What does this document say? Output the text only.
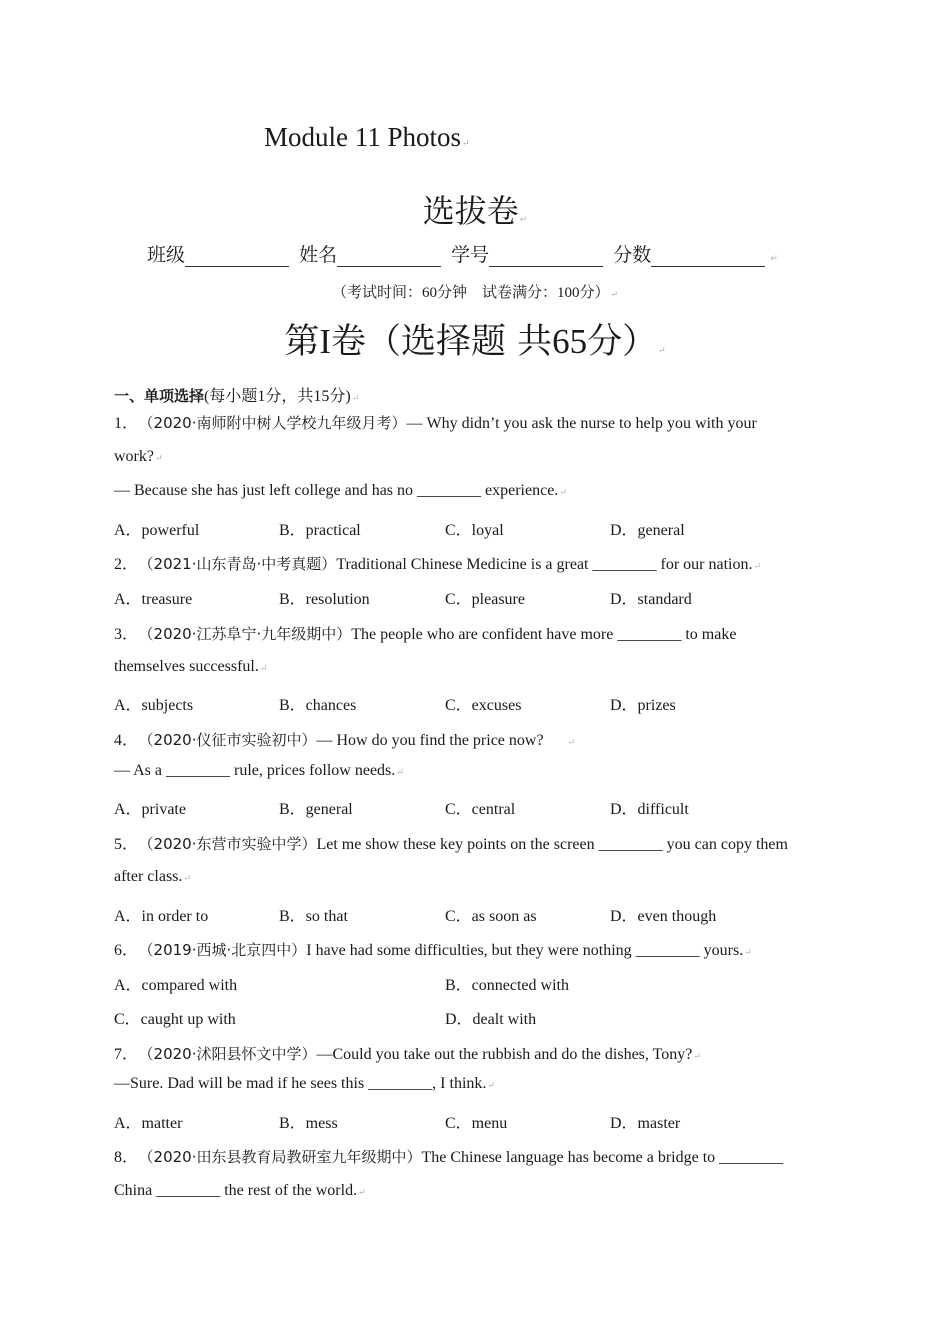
Module 11 Photos↵
选拔卷↵
班级	姓名	学号	分数	↵
（考试时间：60分钟　试卷满分：100分）↵
第I卷（选择题 共65分）↵
一、单项选择(每小题1分，共15分)↵
1．　 （2020·南师附中树人学校九年级月考）— Why didn’t you ask the nurse to help you with your
work?↵
— Because she has just left college and has no ________ experience.↵
A．powerful	B．practical	C．loyal	D．general
2．　 （2021·山东青岛·中考真题）Traditional Chinese Medicine is a great ________ for our nation.↵
A．treasure	B．resolution	C．pleasure	D．standard
3．　 （2020·江苏阜宁·九年级期中）The people who are confident have more ________ to make
themselves successful.↵
A．subjects	B．chances	C．excuses	D．prizes
4．　 （2020·仪征市实验初中）— How do you find the price now?	↵
— As a ________ rule, prices follow needs.↵
A．private	B．general	C．central	D．difficult
5．　 （2020·东营市实验中学）Let me show these key points on the screen ________ you can copy them
after class.↵
A．in order to	B．so that	C．as soon as	D．even though
6．　 （2019·西城·北京四中）I have had some difficulties, but they were nothing ________ yours.↵
A．compared with	B．connected with
C．caught up with	D．dealt with
7．　 （2020·沭阳县怀文中学）—Could you take out the rubbish and do the dishes, Tony?↵
—Sure. Dad will be mad if he sees this ________, I think.↵
A．matter	B．mess	C．menu	D．master
8．　 （2020·田东县教育局教研室九年级期中）The Chinese language has become a bridge to ________
China ________ the rest of the world.↵
